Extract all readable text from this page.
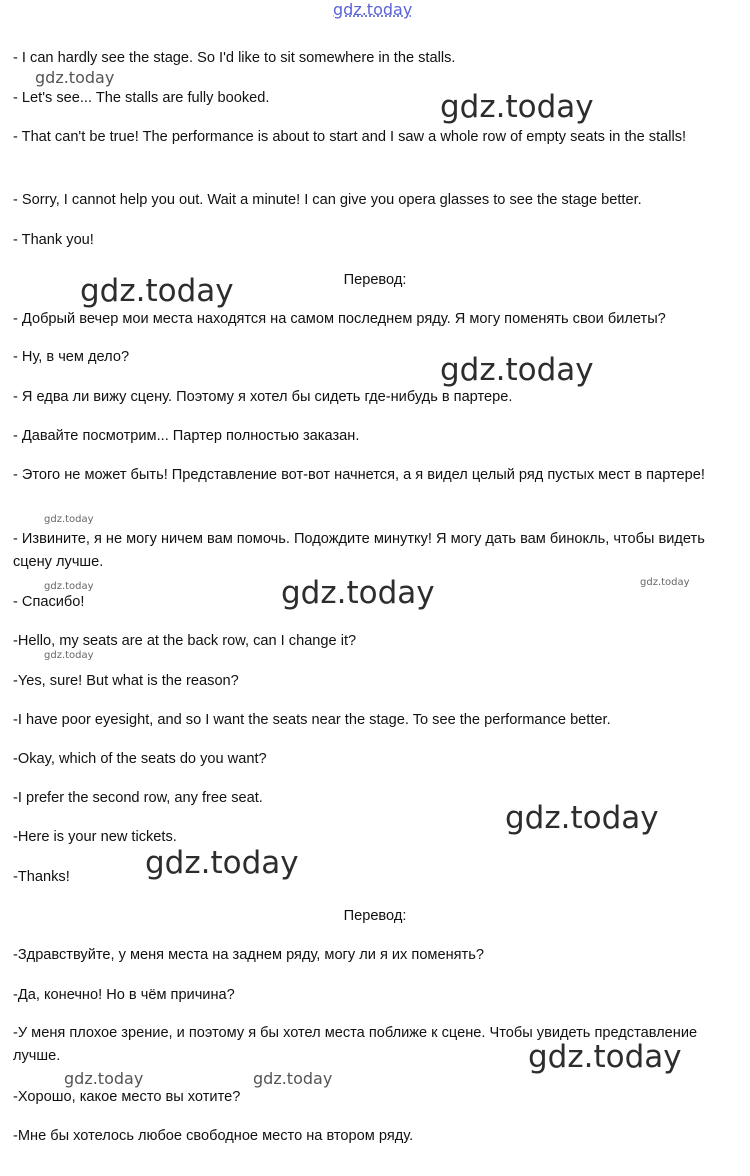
gdz.today
- I can hardly see the stage. So I'd like to sit somewhere in the stalls.
- Let's see... The stalls are fully booked.
- That can't be true! The performance is about to start and I saw a whole row of empty seats in the stalls!
- Sorry, I cannot help you out. Wait a minute! I can give you opera glasses to see the stage better.
- Thank you!
Перевод:
- Добрый вечер мои места находятся на самом последнем ряду. Я могу поменять свои билеты?
- Ну, в чем дело?
- Я едва ли вижу сцену. Поэтому я хотел бы сидеть где-нибудь в партере.
- Давайте посмотрим... Партер полностью заказан.
- Этого не может быть! Представление вот-вот начнется, а я видел целый ряд пустых мест в партере!
- Извините, я не могу ничем вам помочь. Подождите минутку! Я могу дать вам бинокль, чтобы видеть сцену лучше.
- Спасибо!
-Hello, my seats are at the back row, can I change it?
-Yes, sure! But what is the reason?
-I have poor eyesight, and so I want the seats near the stage. To see the performance better.
-Okay, which of the seats do you want?
-I prefer the second row, any free seat.
-Here is your new tickets.
-Thanks!
Перевод:
-Здравствуйте, у меня места на заднем ряду, могу ли я их поменять?
-Да, конечно! Но в чём причина?
-У меня плохое зрение, и поэтому я бы хотел места поближе к сцене. Чтобы увидеть представление лучше.
-Хорошо, какое место вы хотите?
-Мне бы хотелось любое свободное место на втором ряду.
gdz.today
gdz.today
gdz.today
gdz.today
gdz.today
gdz.today	gdz.today	gdz.today
gdz.today
gdz.today
gdz.today
gdz.today
gdz.today	gdz.today
